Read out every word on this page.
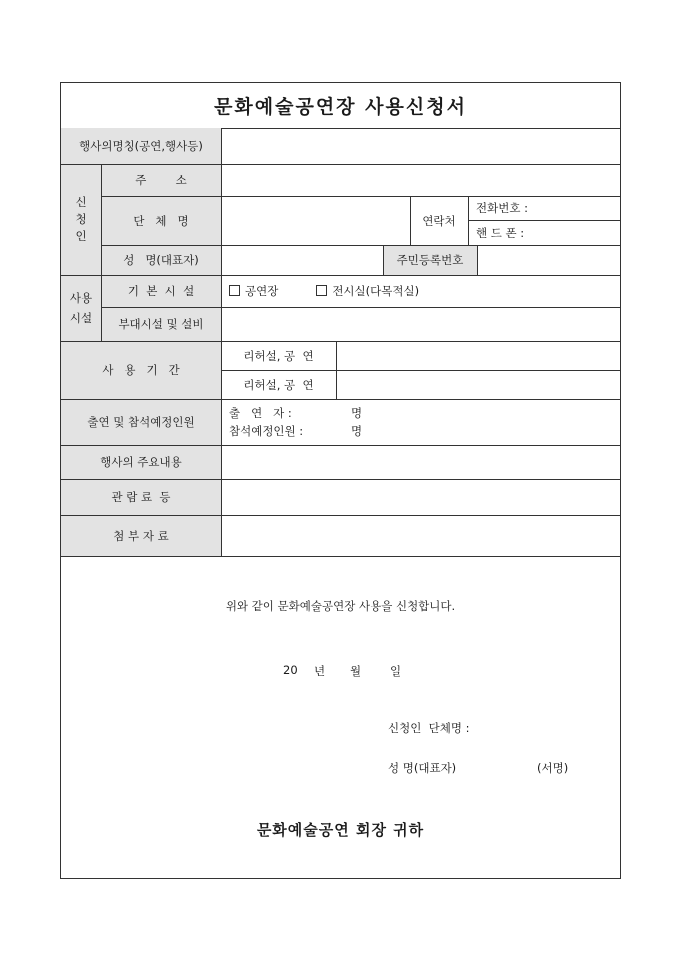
문화예술공연장 사용신청서
행사의명칭(공연,행사등)
신
청
인
주        소
단   체   명	연락처
전화번호 :
핸 드 폰 :
성   명(대표자)	주민등록번호
사용
시설
기  본  시  설	공연장	전시실(다목적실)
부대시설 및 설비
사   용   기   간
리허설, 공  연
리허설, 공  연
출연 및 참석예정인원
출   연   자 :	명
참석예정인원 :	명
행사의 주요내용
관 람 료  등
첨 부 자 료
위와 같이 문화예술공연장 사용을 신청합니다.
20 년 월	일
신청인  단체명 :
성 명(대표자)	(서명)
문화예술공연 회장 귀하
